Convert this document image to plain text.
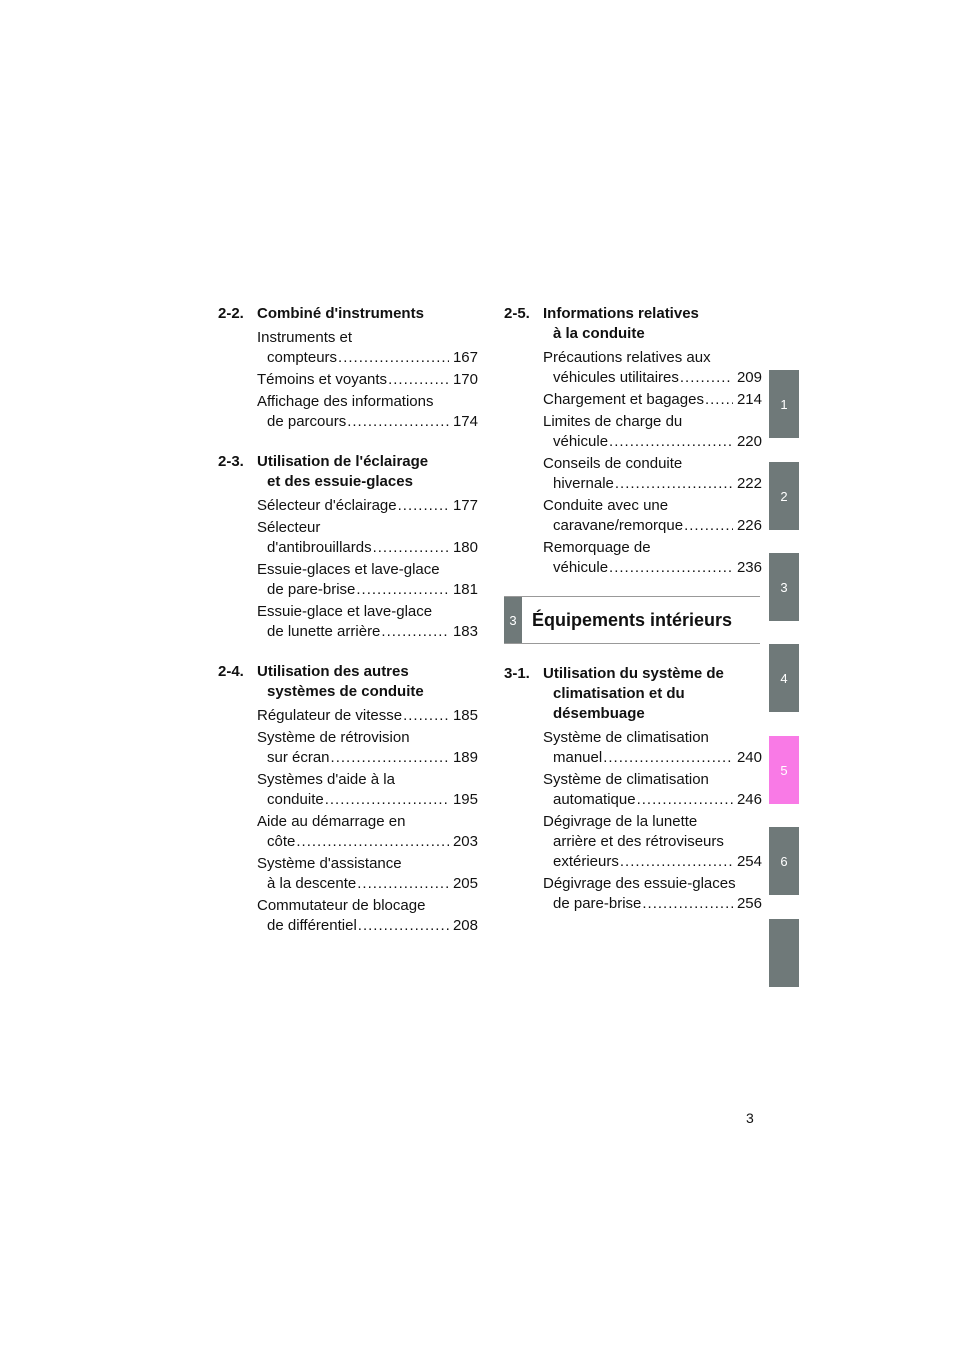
2-2. Combiné d'instruments
Instruments et
compteurs .....	167
Témoins et voyants .....	170
Affichage des informations
de parcours .....	174
2-3. Utilisation de l'éclairage
et des essuie-glaces
Sélecteur d'éclairage .....	177
Sélecteur
d'antibrouillards .....	180
Essuie-glaces et lave-glace
de pare-brise .....	181
Essuie-glace et lave-glace
de lunette arrière .....	183
2-4. Utilisation des autres
systèmes de conduite
Régulateur de vitesse .....	185
Système de rétrovision
sur écran .....	189
Systèmes d'aide à la
conduite .....	195
Aide au démarrage en
côte .....	203
Système d'assistance
à la descente .....	205
Commutateur de blocage
de différentiel .....	208
2-5. Informations relatives
à la conduite
Précautions relatives aux
véhicules utilitaires .....	209
Chargement et bagages ..... 214
Limites de charge du
véhicule .....	220
Conseils de conduite
hivernale .....	222
Conduite avec une
caravane/remorque .....	226
Remorquage de
véhicule .....	236
3 Équipements intérieurs
3-1. Utilisation du système de
climatisation et du
désembuage
Système de climatisation
manuel .....	240
Système de climatisation
automatique .....	246
Dégivrage de la lunette
arrière et des rétroviseurs
extérieurs .....	254
Dégivrage des essuie-glaces
de pare-brise .....	256
1
2
3
4
5
6
3
